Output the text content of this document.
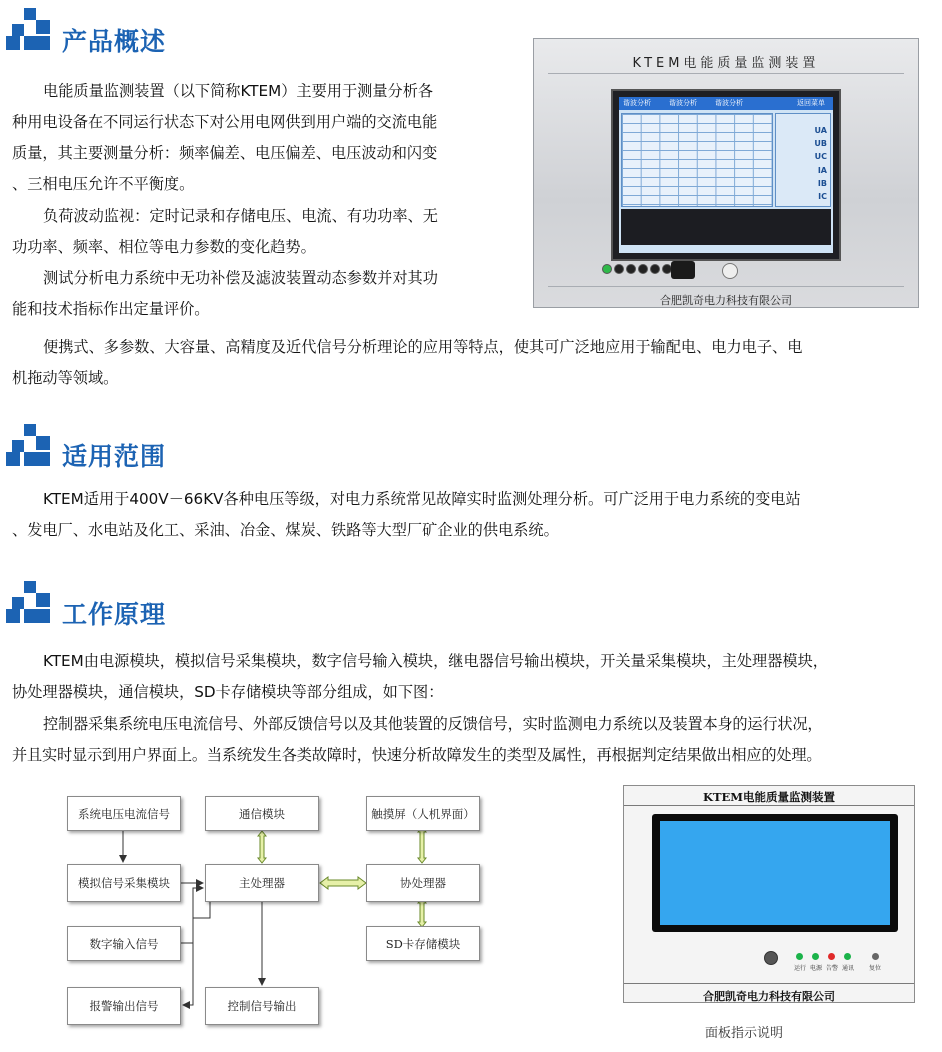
产品概述
电能质量监测装置（以下简称KTEM）主要用于测量分析各
种用电设备在不同运行状态下对公用电网供到用户端的交流电能
质量，其主要测量分析：频率偏差、电压偏差、电压波动和闪变
、三相电压允许不平衡度。
负荷波动监视：定时记录和存储电压、电流、有功功率、无
功功率、频率、相位等电力参数的变化趋势。
测试分析电力系统中无功补偿及滤波装置动态参数并对其功
能和技术指标作出定量评价。
便携式、多参数、大容量、高精度及近代信号分析理论的应用等特点，使其可广泛地应用于输配电、电力电子、电
机拖动等领域。
KTEM电能质量监测装置
谐波分析	谐波分析	谐波分析	返回菜单
UA
UB
UC
IA
IB
IC
合肥凯奇电力科技有限公司
适用范围
KTEM适用于400V－66KV各种电压等级，对电力系统常见故障实时监测处理分析。可广泛用于电力系统的变电站
、发电厂、水电站及化工、采油、冶金、煤炭、铁路等大型厂矿企业的供电系统。
工作原理
KTEM由电源模块，模拟信号采集模块，数字信号输入模块，继电器信号输出模块，开关量采集模块，主处理器模块，
协处理器模块，通信模块，SD卡存储模块等部分组成，如下图：
控制器采集系统电压电流信号、外部反馈信号以及其他装置的反馈信号，实时监测电力系统以及装置本身的运行状况，
并且实时显示到用户界面上。当系统发生各类故障时，快速分析故障发生的类型及属性，再根据判定结果做出相应的处理。
系统电压电流信号
模拟信号采集模块
数字输入信号
报警输出信号
通信模块
主处理器
控制信号输出
触摸屏（人机界面）
协处理器
SD卡存储模块
KTEM电能质量监测装置
运行 电源 告警 通讯 复位
合肥凯奇电力科技有限公司
面板指示说明
